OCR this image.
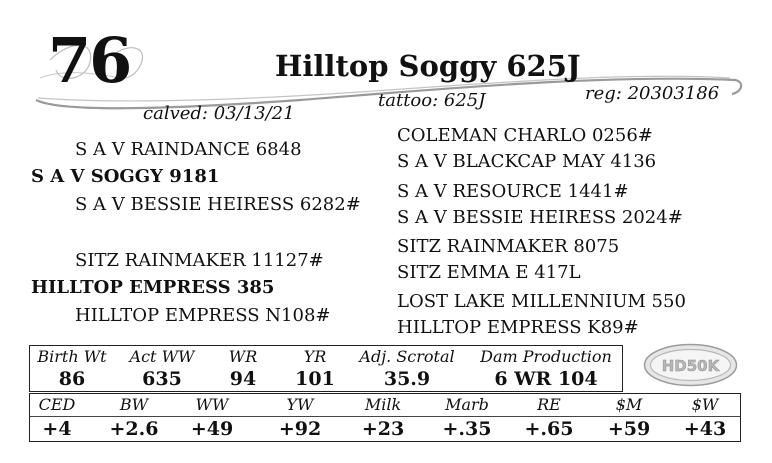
76	Hilltop Soggy 625J
calved: 03/13/21
tattoo: 625J	reg: 20303186
S A V RAINDANCE 6848
S A V SOGGY 9181
S A V BESSIE HEIRESS 6282#
SITZ RAINMAKER 11127#
HILLTOP EMPRESS 385
HILLTOP EMPRESS N108#
COLEMAN CHARLO 0256#
S A V BLACKCAP MAY 4136
S A V RESOURCE 1441#
S A V BESSIE HEIRESS 2024#
SITZ RAINMAKER 8075
SITZ EMMA E 417L
LOST LAKE MILLENNIUM 550
HILLTOP EMPRESS K89#
Birth Wt	Act WW	WR	YR	Adj. Scrotal	Dam Production
86	635	94	101	35.9	6 WR 104
HD50K
CED	BW	WW	YW	Milk	Marb	RE	$M	$W
+4	+2.6	+49	+92	+23	+.35 +.65 +59 +43
